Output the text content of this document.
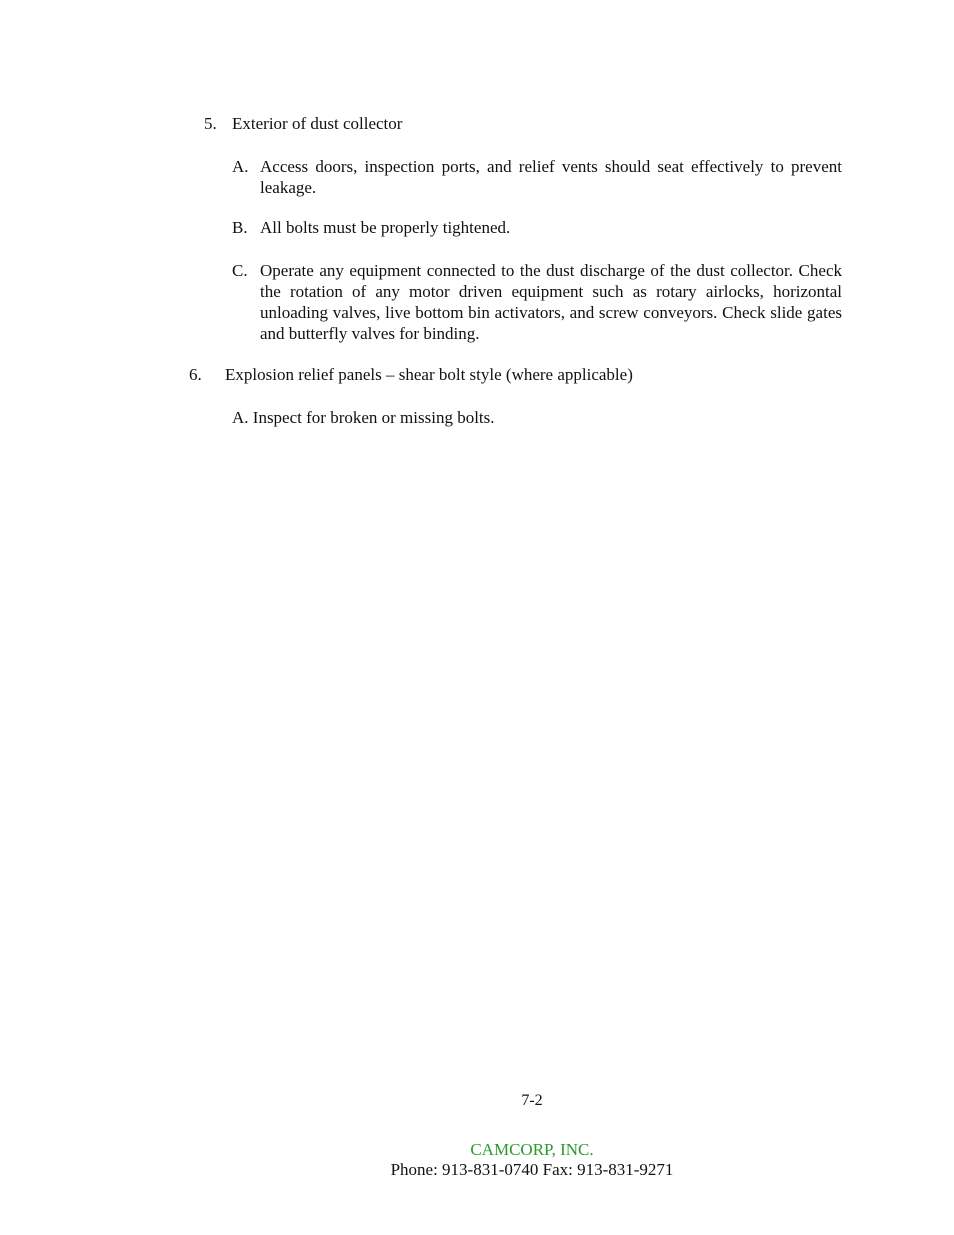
5. Exterior of dust collector
A. Access doors, inspection ports, and relief vents should seat effectively to prevent leakage.
B. All bolts must be properly tightened.
C. Operate any equipment connected to the dust discharge of the dust collector. Check the rotation of any motor driven equipment such as rotary airlocks, horizontal unloading valves, live bottom bin activators, and screw conveyors. Check slide gates and butterfly valves for binding.
6. Explosion relief panels – shear bolt style (where applicable)
A. Inspect for broken or missing bolts.
7-2
CAMCORP, INC.
Phone: 913-831-0740 Fax: 913-831-9271
